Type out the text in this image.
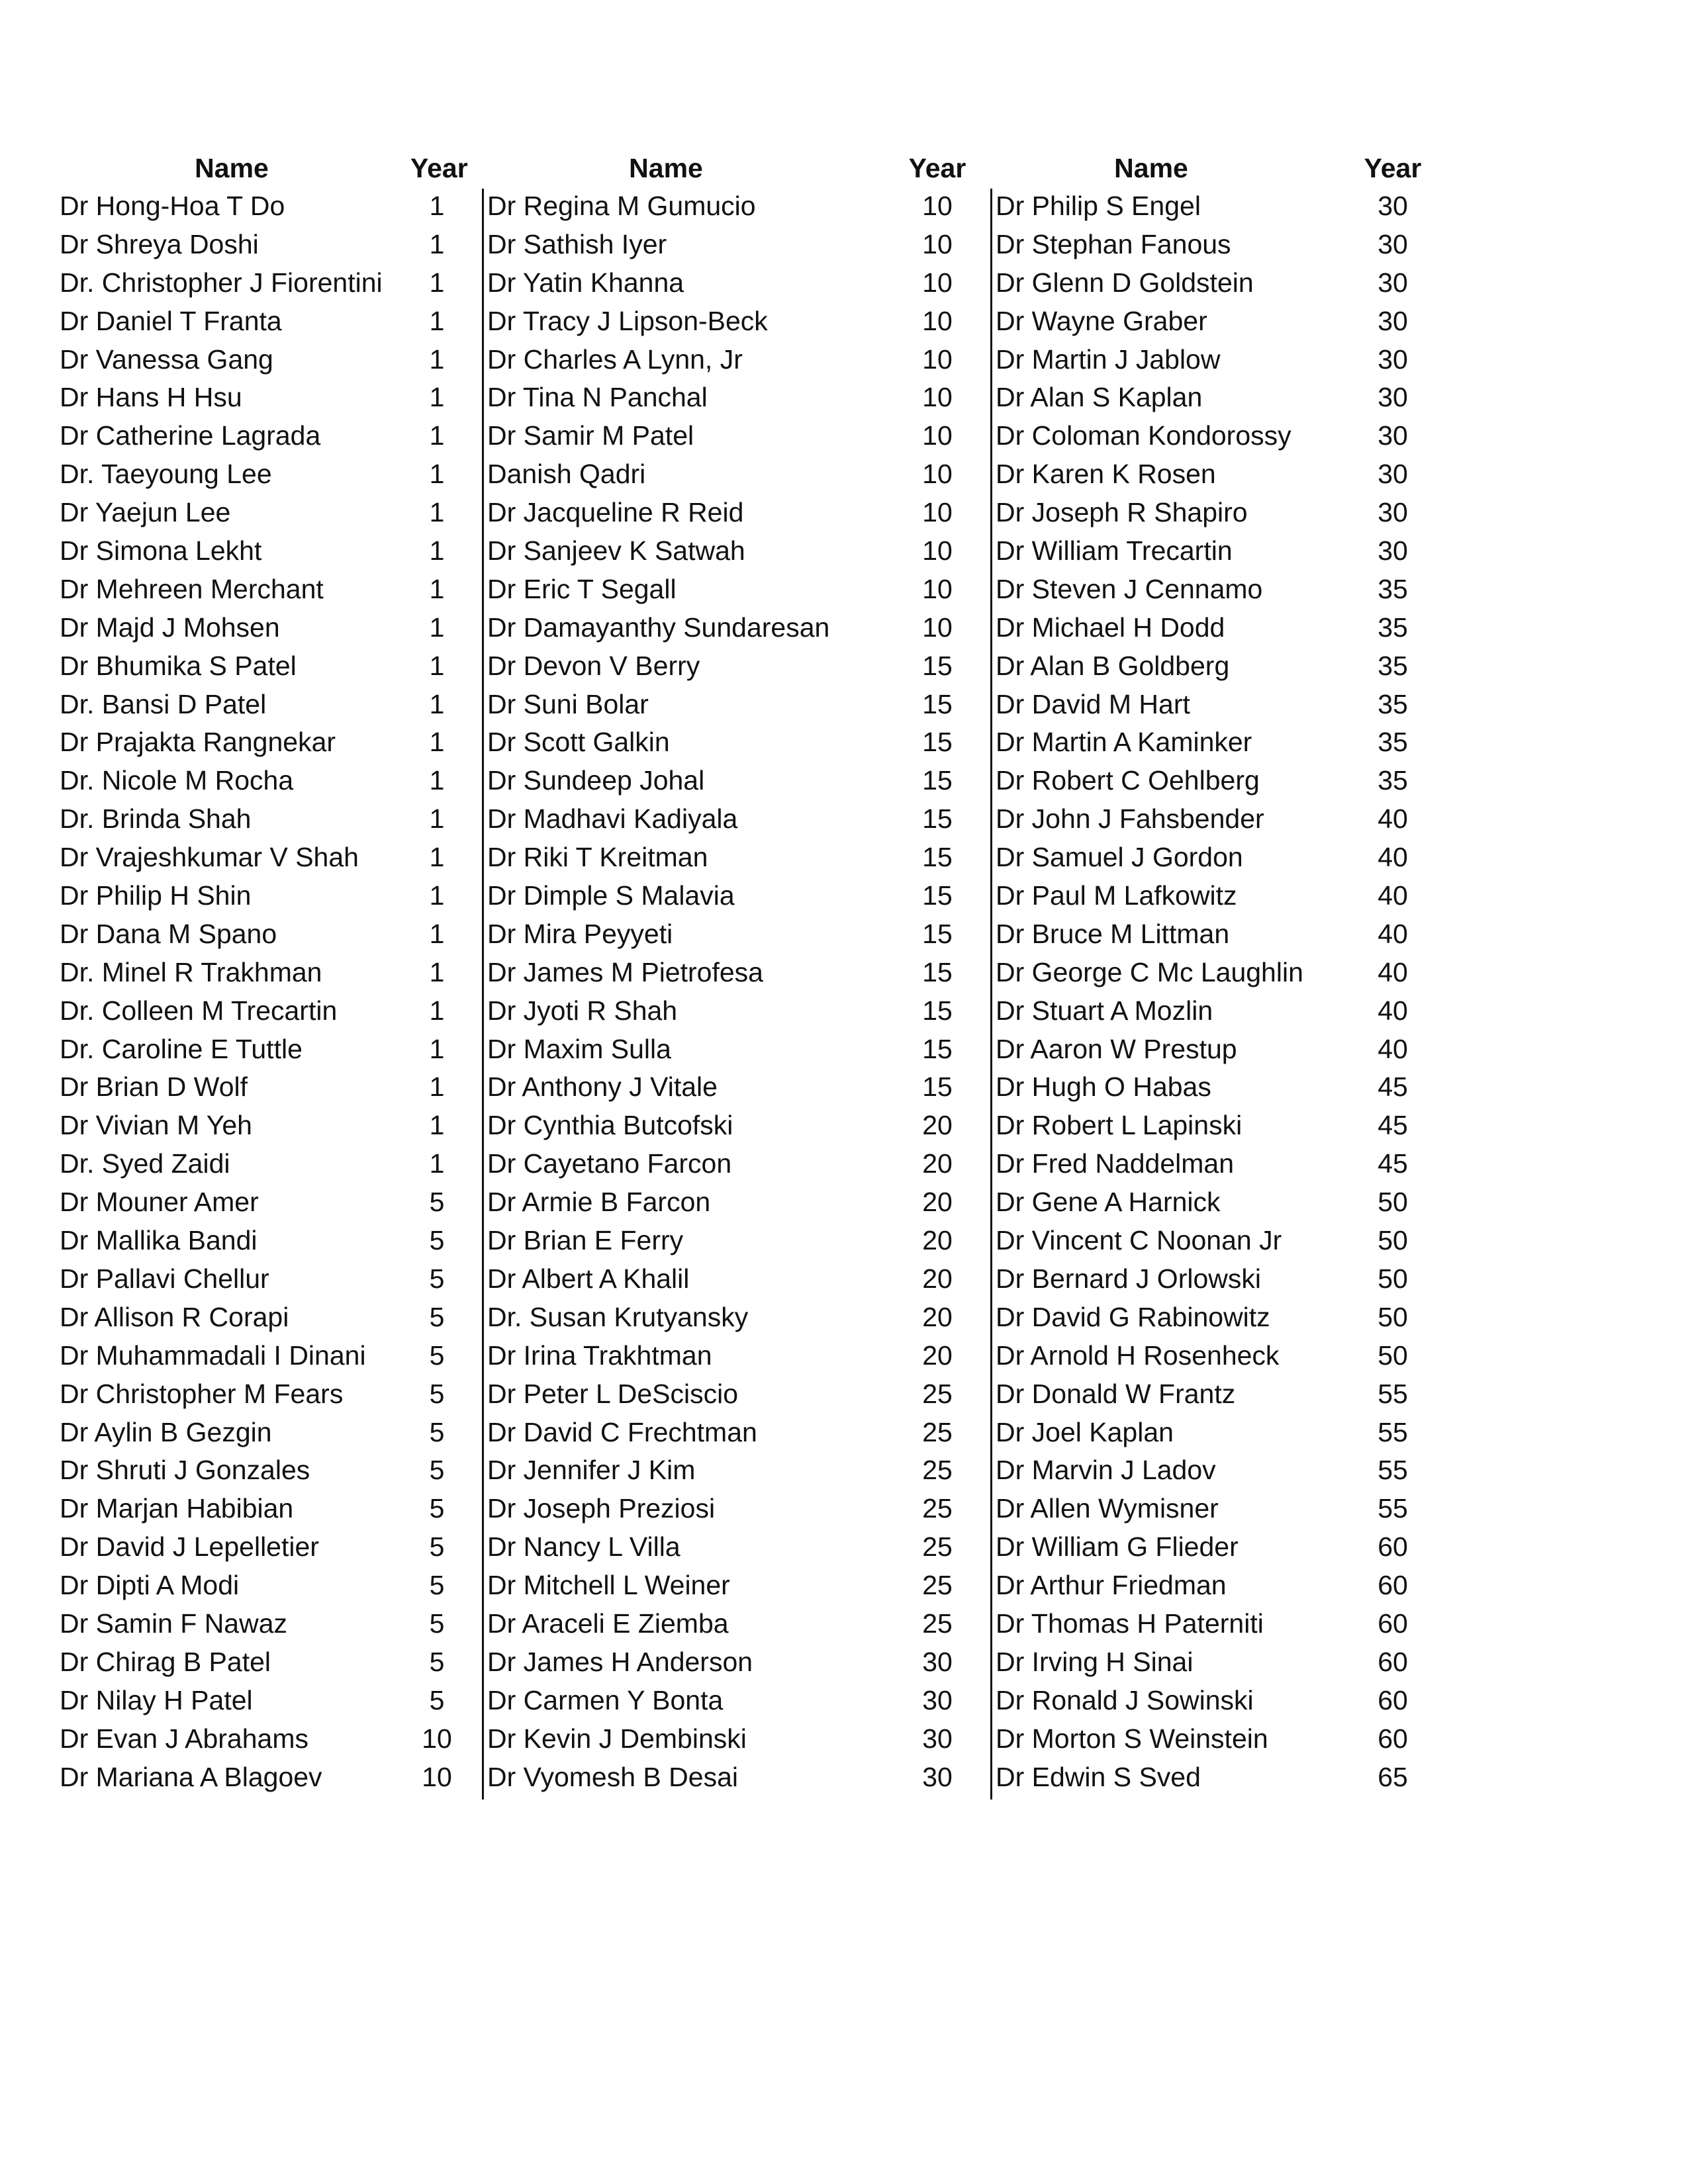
Name	Year
Dr Hong-Hoa T Do	1
Dr Shreya Doshi	1
Dr. Christopher J Fiorentini	1
Dr Daniel T Franta	1
Dr Vanessa Gang	1
Dr Hans H Hsu	1
Dr Catherine Lagrada	1
Dr. Taeyoung Lee	1
Dr Yaejun Lee	1
Dr Simona Lekht	1
Dr Mehreen Merchant	1
Dr Majd J Mohsen	1
Dr Bhumika S Patel	1
Dr. Bansi D Patel	1
Dr Prajakta Rangnekar	1
Dr. Nicole M Rocha	1
Dr. Brinda Shah	1
Dr Vrajeshkumar V Shah	1
Dr Philip H Shin	1
Dr Dana M Spano	1
Dr. Minel R Trakhman	1
Dr. Colleen M Trecartin	1
Dr. Caroline E Tuttle	1
Dr Brian D Wolf	1
Dr Vivian M Yeh	1
Dr. Syed Zaidi	1
Dr Mouner Amer	5
Dr Mallika Bandi	5
Dr Pallavi Chellur	5
Dr Allison R Corapi	5
Dr Muhammadali I Dinani	5
Dr Christopher M Fears	5
Dr Aylin B Gezgin	5
Dr Shruti J Gonzales	5
Dr Marjan Habibian	5
Dr David J Lepelletier	5
Dr Dipti A Modi	5
Dr Samin F Nawaz	5
Dr Chirag B Patel	5
Dr Nilay H Patel	5
Dr Evan J Abrahams	10
Dr Mariana A Blagoev	10
Name	Year
Dr Regina M Gumucio	10
Dr Sathish Iyer	10
Dr Yatin Khanna	10
Dr Tracy J Lipson-Beck	10
Dr Charles A Lynn, Jr	10
Dr Tina N Panchal	10
Dr Samir M Patel	10
Danish Qadri	10
Dr Jacqueline R Reid	10
Dr Sanjeev K Satwah	10
Dr Eric T Segall	10
Dr Damayanthy Sundaresan	10
Dr Devon V Berry	15
Dr Suni Bolar	15
Dr Scott Galkin	15
Dr Sundeep Johal	15
Dr Madhavi Kadiyala	15
Dr Riki T Kreitman	15
Dr Dimple S Malavia	15
Dr Mira Peyyeti	15
Dr James M Pietrofesa	15
Dr Jyoti R Shah	15
Dr Maxim Sulla	15
Dr Anthony J Vitale	15
Dr Cynthia Butcofski	20
Dr Cayetano Farcon	20
Dr Armie B Farcon	20
Dr Brian E Ferry	20
Dr Albert A Khalil	20
Dr. Susan Krutyansky	20
Dr Irina Trakhtman	20
Dr Peter L DeSciscio	25
Dr David C Frechtman	25
Dr Jennifer J Kim	25
Dr Joseph Preziosi	25
Dr Nancy L Villa	25
Dr Mitchell L Weiner	25
Dr Araceli E Ziemba	25
Dr James H Anderson	30
Dr Carmen Y Bonta	30
Dr Kevin J Dembinski	30
Dr Vyomesh B Desai	30
Name	Year
Dr Philip S Engel	30
Dr Stephan Fanous	30
Dr Glenn D Goldstein	30
Dr Wayne Graber	30
Dr Martin J Jablow	30
Dr Alan S Kaplan	30
Dr Coloman Kondorossy	30
Dr Karen K Rosen	30
Dr Joseph R Shapiro	30
Dr William Trecartin	30
Dr Steven J Cennamo	35
Dr Michael H Dodd	35
Dr Alan B Goldberg	35
Dr David M Hart	35
Dr Martin A Kaminker	35
Dr Robert C Oehlberg	35
Dr John J Fahsbender	40
Dr Samuel J Gordon	40
Dr Paul M Lafkowitz	40
Dr Bruce M Littman	40
Dr George C Mc Laughlin	40
Dr Stuart A Mozlin	40
Dr Aaron W Prestup	40
Dr Hugh O Habas	45
Dr Robert L Lapinski	45
Dr Fred Naddelman	45
Dr Gene A Harnick	50
Dr Vincent C Noonan Jr	50
Dr Bernard J Orlowski	50
Dr David G Rabinowitz	50
Dr Arnold H Rosenheck	50
Dr Donald W Frantz	55
Dr Joel Kaplan	55
Dr Marvin J Ladov	55
Dr Allen Wymisner	55
Dr William G Flieder	60
Dr Arthur Friedman	60
Dr Thomas H Paterniti	60
Dr Irving H Sinai	60
Dr Ronald J Sowinski	60
Dr Morton S Weinstein	60
Dr Edwin S Sved	65
